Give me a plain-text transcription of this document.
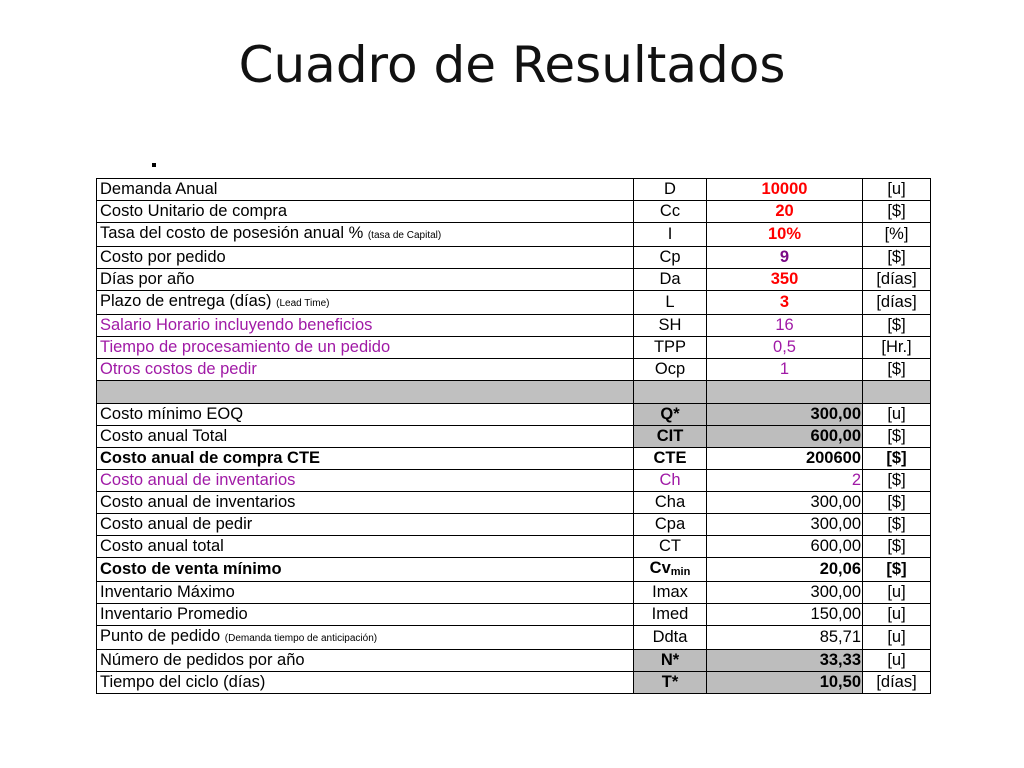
Cuadro de Resultados
Demanda Anual	D	10000	[u]
Costo Unitario de compra	Cc	20	[$]
Tasa del costo de posesión anual % (tasa de Capital)	I	10%	[%]
Costo por pedido	Cp	9	[$]
Días por año	Da	350	[días]
Plazo de entrega (días) (Lead Time)	L	3	[días]
Salario Horario incluyendo beneficios	SH	16	[$]
Tiempo de procesamiento de un pedido	TPP	0,5	[Hr.]
Otros costos de pedir	Ocp	1	[$]

Costo mínimo EOQ	Q*	300,00	[u]
Costo anual Total	CIT	600,00	[$]
Costo anual de compra CTE	CTE	200600	[$]
Costo anual de inventarios	Ch	2	[$]
Costo anual de inventarios	Cha	300,00	[$]
Costo anual de pedir	Cpa	300,00	[$]
Costo anual total	CT	600,00	[$]
Costo de venta mínimo	$Cv_{min}$	20,06	[$]
Inventario Máximo	Imax	300,00	[u]
Inventario Promedio	Imed	150,00	[u]
Punto de pedido (Demanda tiempo de anticipación)	Ddta	85,71	[u]
Número de pedidos por año	N*	33,33	[u]
Tiempo del ciclo (días)	T*	10,50	[días]
